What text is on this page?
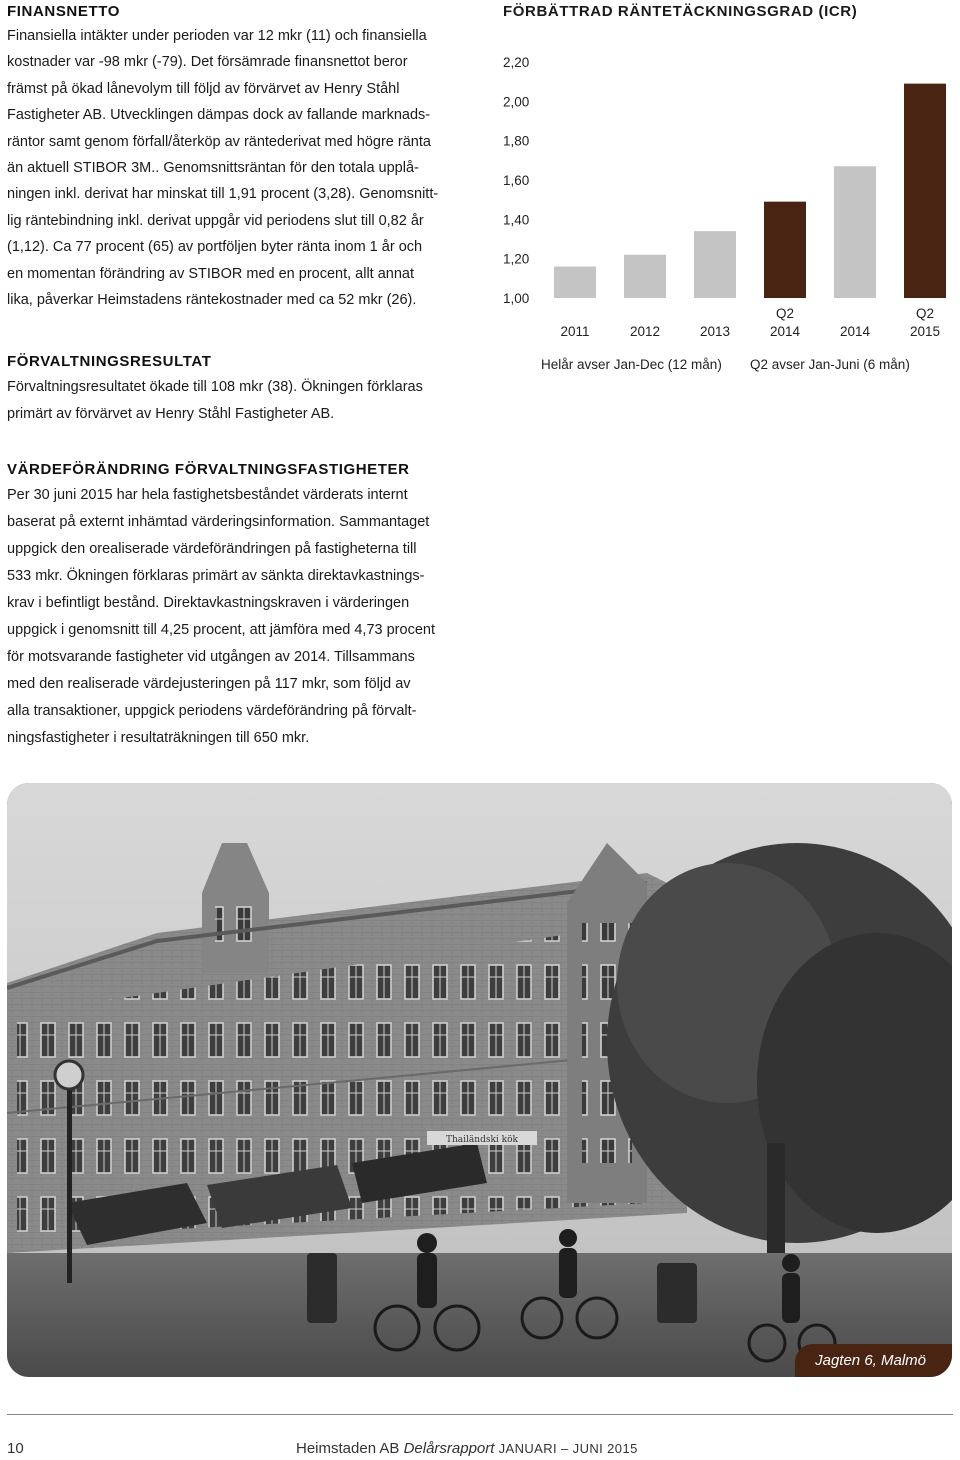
FINANSNETTO

Finansiella intäkter under perioden var 12 mkr (11) och finansiella
kostnader var -98 mkr (-79). Det försämrade finansnettot beror
främst på ökad lånevolym till följd av förvärvet av Henry Ståhl
Fastigheter AB. Utvecklingen dämpas dock av fallande marknads-
räntor samt genom förfall/återköp av räntederivat med högre ränta
än aktuell STIBOR 3M.. Genomsnittsräntan för den totala upplå-
ningen inkl. derivat har minskat till 1,91 procent (3,28). Genomsnitt-
lig räntebindning inkl. derivat uppgår vid periodens slut till 0,82 år
(1,12). Ca 77 procent (65) av portföljen byter ränta inom 1 år och
en momentan förändring av STIBOR med en procent, allt annat
lika, påverkar Heimstadens räntekostnader med ca 52 mkr (26).

FÖRVALTNINGSRESULTAT

Förvaltningsresultatet ökade till 108 mkr (38). Ökningen förklaras
primärt av förvärvet av Henry Ståhl Fastigheter AB.

VÄRDEFÖRÄNDRING FÖRVALTNINGSFASTIGHETER

Per 30 juni 2015 har hela fastighetsbeståndet värderats internt
baserat på externt inhämtad värderingsinformation. Sammantaget
uppgick den orealiserade värdeförändringen på fastigheterna till
533 mkr. Ökningen förklaras primärt av sänkta direktavkastnings-
krav i befintligt bestånd. Direktavkastningskraven i värderingen
uppgick i genomsnitt till 4,25 procent, att jämföra med 4,73 procent
för motsvarande fastigheter vid utgången av 2014. Tillsammans
med den realiserade värdejusteringen på 117 mkr, som följd av
alla transaktioner, uppgick periodens värdeförändring på förvalt-
ningsfastigheter i resultaträkningen till 650 mkr.

2,20
2,00
1,80
1,60
1,40
1,20
1,00
2011	2012	2013
Q2
2014	2014
Q2
2015
Helår avser Jan-Dec (12 mån) Q2 avser Jan-Juni (6 mån)
FÖRBÄTTRAD RÄNTETÄCKNINGSGRAD (ICR)
Thailändski kök
Jagten 6, Malmö
10	Heimstaden AB Delårsrapport JANUARI – JUNI 2015
